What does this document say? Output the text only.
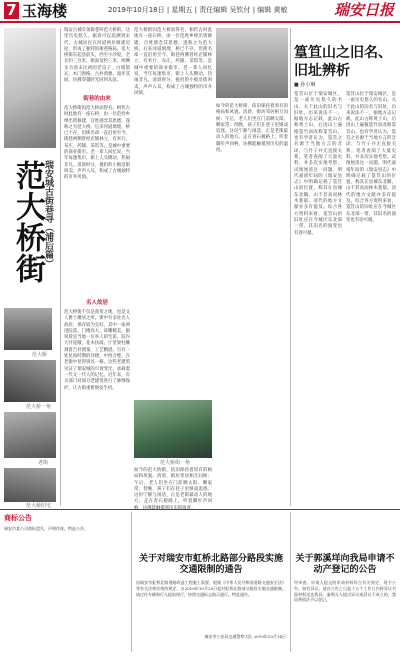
7 玉海楼	2019年10月18日 | 星期五 | 责任编辑 吴钦付 | 编辑 黄敏	瑞安日报
范大桥街
瑞安城古街巷寻（浦后篇）
范大桥
范大桥一角
老街
范大桥旧宅
瑞安古城有条街巷叫范大桥街，这里历史悠久，据说可以追溯到宋代。古城居民在河道两岸修建房屋，形成了独特的街巷格局。范大桥街东起县前头，西至小沙堤，全长约三百米，街面宽约三米，两侧多为清末民初的老房子，白墙黛瓦，木门窗格，古朴典雅。漫步其间，仿佛穿越时光回到从前。
街巷的由来
范大桥街因范大桥而得名。相传古时此地有一座石桥，由一位范姓乡绅出资修建，百姓感念其恩德，遂称之为范大桥。后来河道填埋，桥已不存，但街名却一直沿用至今。街巷两侧曾经店铺林立，有米行、布庄、药铺、茶馆等，是城中重要的商业街市。老一辈人回忆说，当年每逢集市，街上人头攒动，热闹非凡。清晨时分，挑担的小贩沿街叫卖，声声入耳，构成了古城独特的市井风情。
名人故居
范大桥街不仅是商贸之地，也是文人雅士聚居之所。街中有多处名人故居，保存较为完好。其中一座两进院落，门楼高大，砖雕精美，据说曾是当地一位举人的宅第。院内天井宽敞，花木扶疏，厅堂梁柱雕刻着吉祥图案，工艺精湛。另有一处民国时期的洋楼，中西合璧，在老街中显得别具一格。这些老建筑见证了瑞安城的兴衰变迁，承载着一代又一代人的记忆。近年来，有关部门对部分老建筑进行了修缮保护，让古街重新焕发生机。
范大桥街因范大桥而得名。相传古时此地有一座石桥，由一位范姓乡绅出资修建，百姓感念其恩德，遂称之为范大桥。后来河道填埋，桥已不存，但街名却一直沿用至今。街巷两侧曾经店铺林立，有米行、布庄、药铺、茶馆等，是城中重要的商业街市。老一辈人回忆说，当年每逢集市，街上人头攒动，热闹非凡。清晨时分，挑担的小贩沿街叫卖，声声入耳，构成了古城独特的市井风情。
范大桥街一角
如今的范大桥街，依旧保持着原有的格局和风貌。清晨，街坊邻居相互问候；午后，老人们坐在门前晒太阳、聊家常；傍晚，孩子们在巷子里嬉戏追逐。这份宁静与闲适，正是老街最动人的地方。走在青石板路上，听着脚步声回
如今的范大桥街，依旧保持着原有的格局和风貌。清晨，街坊邻居相互问候；午后，老人们坐在门前晒太阳、聊家常；傍晚，孩子们在巷子里嬉戏追逐。这份宁静与闲适，正是老街最动人的地方。走在青石板路上，听着脚步声回响，仿佛能触摸到历史的温度。
篁笪山之旧名、旧址辨析
■ 孙小琳
篁笪山位于瑞安城区，是一座历史悠久的名山。关于此山的旧名与旧址，历来说法不一。据地方志记载，此山古称黄土山，后因山上遍植篁竹而改称篁笪山。也有学者认为，篁笪之名源于当地方言的音译，与竹子并无直接关系。笔者查阅了大量史料，并多次实地考察，试图厘清这一问题。明代嘉靖年间的《瑞安县志》中明确记载了篁笪山的位置，称其在县城东北隅，山不甚高而林木葱郁。清代的地方文献亦多有提及。综合各方资料来看，篁笪山的旧址应在今城区东北部一带，其旧名的演变也有迹可循。
篁笪山位于瑞安城区，是一座历史悠久的名山。关于此山的旧名与旧址，历来说法不一。据地方志记载，此山古称黄土山，后因山上遍植篁竹而改称篁笪山。也有学者认为，篁笪之名源于当地方言的音译，与竹子并无直接关系。笔者查阅了大量史料，并多次实地考察，试图厘清这一问题。明代嘉靖年间的《瑞安县志》中明确记载了篁笪山的位置，称其在县城东北隅，山不甚高而林木葱郁。清代的地方文献亦多有提及。综合各方资料来看，篁笪山的旧址应在今城区东北部一带，其旧名的演变也有迹可循。
商标公告
瑞安市某公司商标遗失，声明作废。特此公告。
关于对瑞安市虹桥北路部分路段实施交通限制的通告
因瑞安市虹桥北路道路改造工程施工需要，根据《中华人民共和国道路交通安全法》等有关法律法规的规定，自2019年10月20日起对虹桥北路部分路段实施交通限制。请过往车辆和行人提前绕行，按照交通标志指示通行。特此通告。
瑞安市公安局交通警察大队 2019年10月14日
关于郭溪垟向我局申请不动产登记的公告
经审查，申请人提交的申请材料符合有关规定，现予公告。如有异议，请自公告之日起十五个工作日内将异议书面材料送达我局。逾期无人提出异议或异议不成立的，我局将依法予以登记。
